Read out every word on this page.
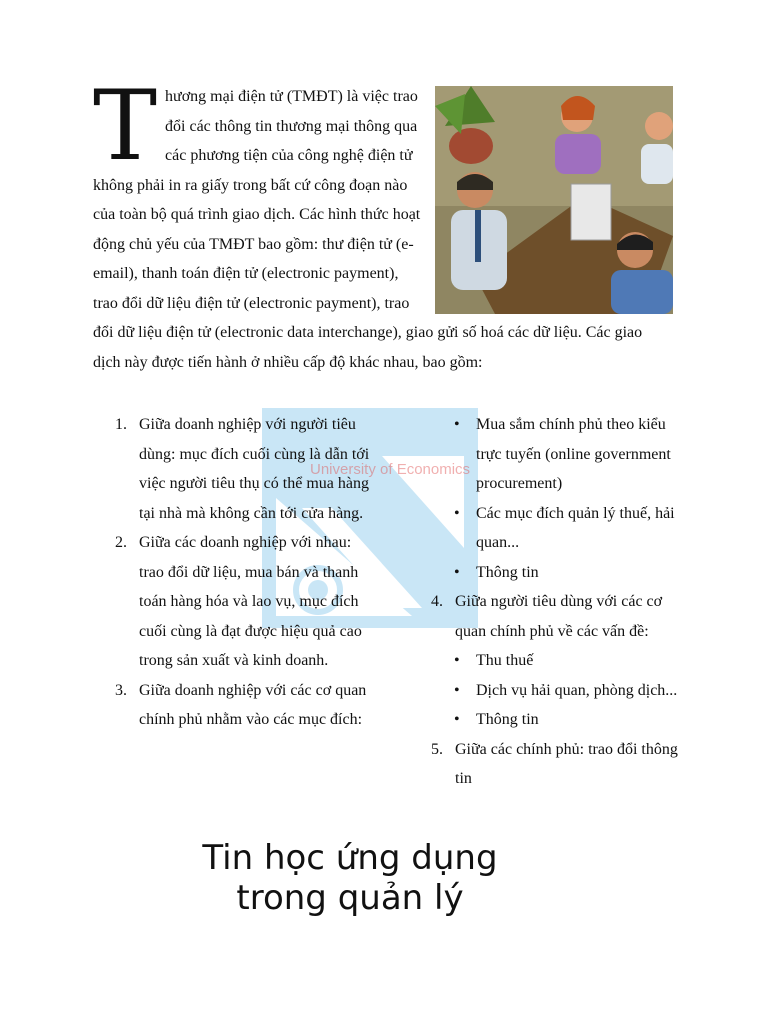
University of Economics
T hương mại điện tử (TMĐT) là việc trao đổi các thông tin thương mại thông qua các phương tiện của công nghệ điện tử không phải in ra giấy trong bất cứ công đoạn nào của toàn bộ quá trình giao dịch. Các hình thức hoạt động chủ yếu của TMĐT bao gồm: thư điện tử (e-email), thanh toán điện tử (electronic payment), trao đổi dữ liệu điện tử (electronic payment), trao đổi dữ liệu điện tử (electronic data interchange), giao gửi số hoá các dữ liệu. Các giao dịch này được tiến hành ở nhiều cấp độ khác nhau, bao gồm:

1. Giữa doanh nghiệp với người tiêu dùng: mục đích cuối cùng là dẫn tới việc người tiêu thụ có thể mua hàng tại nhà mà không cần tới cửa hàng.
2. Giữa các doanh nghiệp với nhau: trao đổi dữ liệu, mua bán và thanh toán hàng hóa và lao vụ, mục đích cuối cùng là đạt được hiệu quả cao trong sản xuất và kinh doanh.
3. Giữa doanh nghiệp với các cơ quan chính phủ nhằm vào các mục đích:
• Mua sắm chính phủ theo kiểu trực tuyến (online government procurement)
• Các mục đích quản lý thuế, hải quan...
• Thông tin
4. Giữa người tiêu dùng với các cơ quan chính phủ về các vấn đề:
• Thu thuế
• Dịch vụ hải quan, phòng dịch...
• Thông tin
5. Giữa các chính phủ: trao đổi thông tin
Tin học ứng dụng
trong quản lý
